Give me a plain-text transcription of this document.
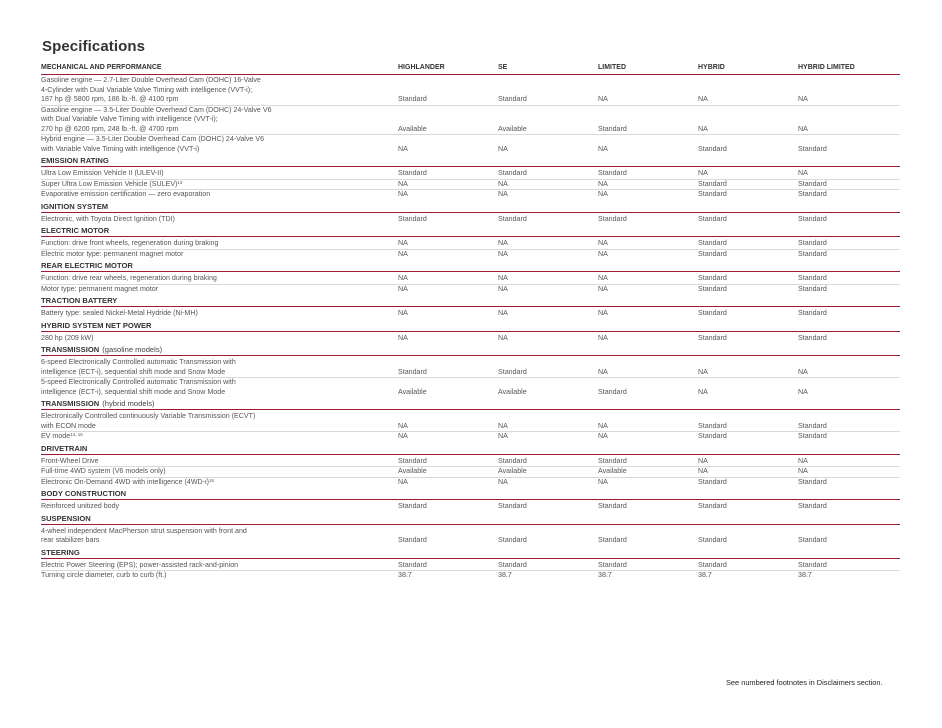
Specifications
MECHANICAL AND PERFORMANCE	HIGHLANDER	SE	LIMITED	HYBRID	HYBRID LIMITED
Gasoline engine — 2.7-Liter Double Overhead Cam (DOHC) 16-Valve
4-Cylinder with Dual Variable Valve Timing with intelligence (VVT-i);
187 hp @ 5800 rpm, 186 lb.-ft. @ 4100 rpm	Standard	Standard	NA	NA	NA
Gasoline engine — 3.5-Liter Double Overhead Cam (DOHC) 24-Valve V6
with Dual Variable Valve Timing with intelligence (VVT-i);
270 hp @ 6200 rpm, 248 lb.-ft. @ 4700 rpm	Available	Available	Standard	NA	NA
Hybrid engine — 3.5-Liter Double Overhead Cam (DOHC) 24-Valve V6
with Variable Valve Timing with intelligence (VVT-i)	NA	NA	NA	Standard	Standard
EMISSION RATING
Ultra Low Emission Vehicle II (ULEV-II)	Standard	Standard	Standard	NA	NA
Super Ultra Low Emission Vehicle (SULEV)$^{13}$	NA	NA	NA	Standard	Standard
Evaporative emission certification — zero evaporation	NA	NA	NA	Standard	Standard
IGNITION SYSTEM
Electronic, with Toyota Direct Ignition (TDI)	Standard	Standard	Standard	Standard	Standard
ELECTRIC MOTOR
Function: drive front wheels, regeneration during braking	NA	NA	NA	Standard	Standard
Electric motor type: permanent magnet motor	NA	NA	NA	Standard	Standard
REAR ELECTRIC MOTOR
Function: drive rear wheels, regeneration during braking	NA	NA	NA	Standard	Standard
Motor type: permanent magnet motor	NA	NA	NA	Standard	Standard
TRACTION BATTERY
Battery type: sealed Nickel-Metal Hydride (Ni-MH)	NA	NA	NA	Standard	Standard
HYBRID SYSTEM NET POWER
280 hp (209 kW)	NA	NA	NA	Standard	Standard
TRANSMISSION (gasoline models)
6-speed Electronically Controlled automatic Transmission with
intelligence (ECT-i), sequential shift mode and Snow Mode	Standard	Standard	NA	NA	NA
5-speed Electronically Controlled automatic Transmission with
intelligence (ECT-i), sequential shift mode and Snow Mode	Available	Available	Standard	NA	NA
TRANSMISSION (hybrid models)
Electronically Controlled continuously Variable Transmission (ECVT)
with ECON mode	NA	NA	NA	Standard	Standard
EV mode$^{14, 15}$	NA	NA	NA	Standard	Standard
DRIVETRAIN
Front-Wheel Drive	Standard	Standard	Standard	NA	NA
Full-time 4WD system (V6 models only)	Available	Available	Available	NA	NA
Electronic On-Demand 4WD with intelligence $(4WD-i)^{16}$	NA	NA	NA	Standard	Standard
BODY CONSTRUCTION
Reinforced unitized body	Standard	Standard	Standard	Standard	Standard
SUSPENSION
4-wheel independent MacPherson strut suspension with front and
rear stabilizer bars	Standard	Standard	Standard	Standard	Standard
STEERING
Electric Power Steering (EPS); power-assisted rack-and-pinion	Standard	Standard	Standard	Standard	Standard
Turning circle diameter, curb to curb (ft.)	38.7	38.7	38.7	38.7	38.7
See numbered footnotes in Disclaimers section.
